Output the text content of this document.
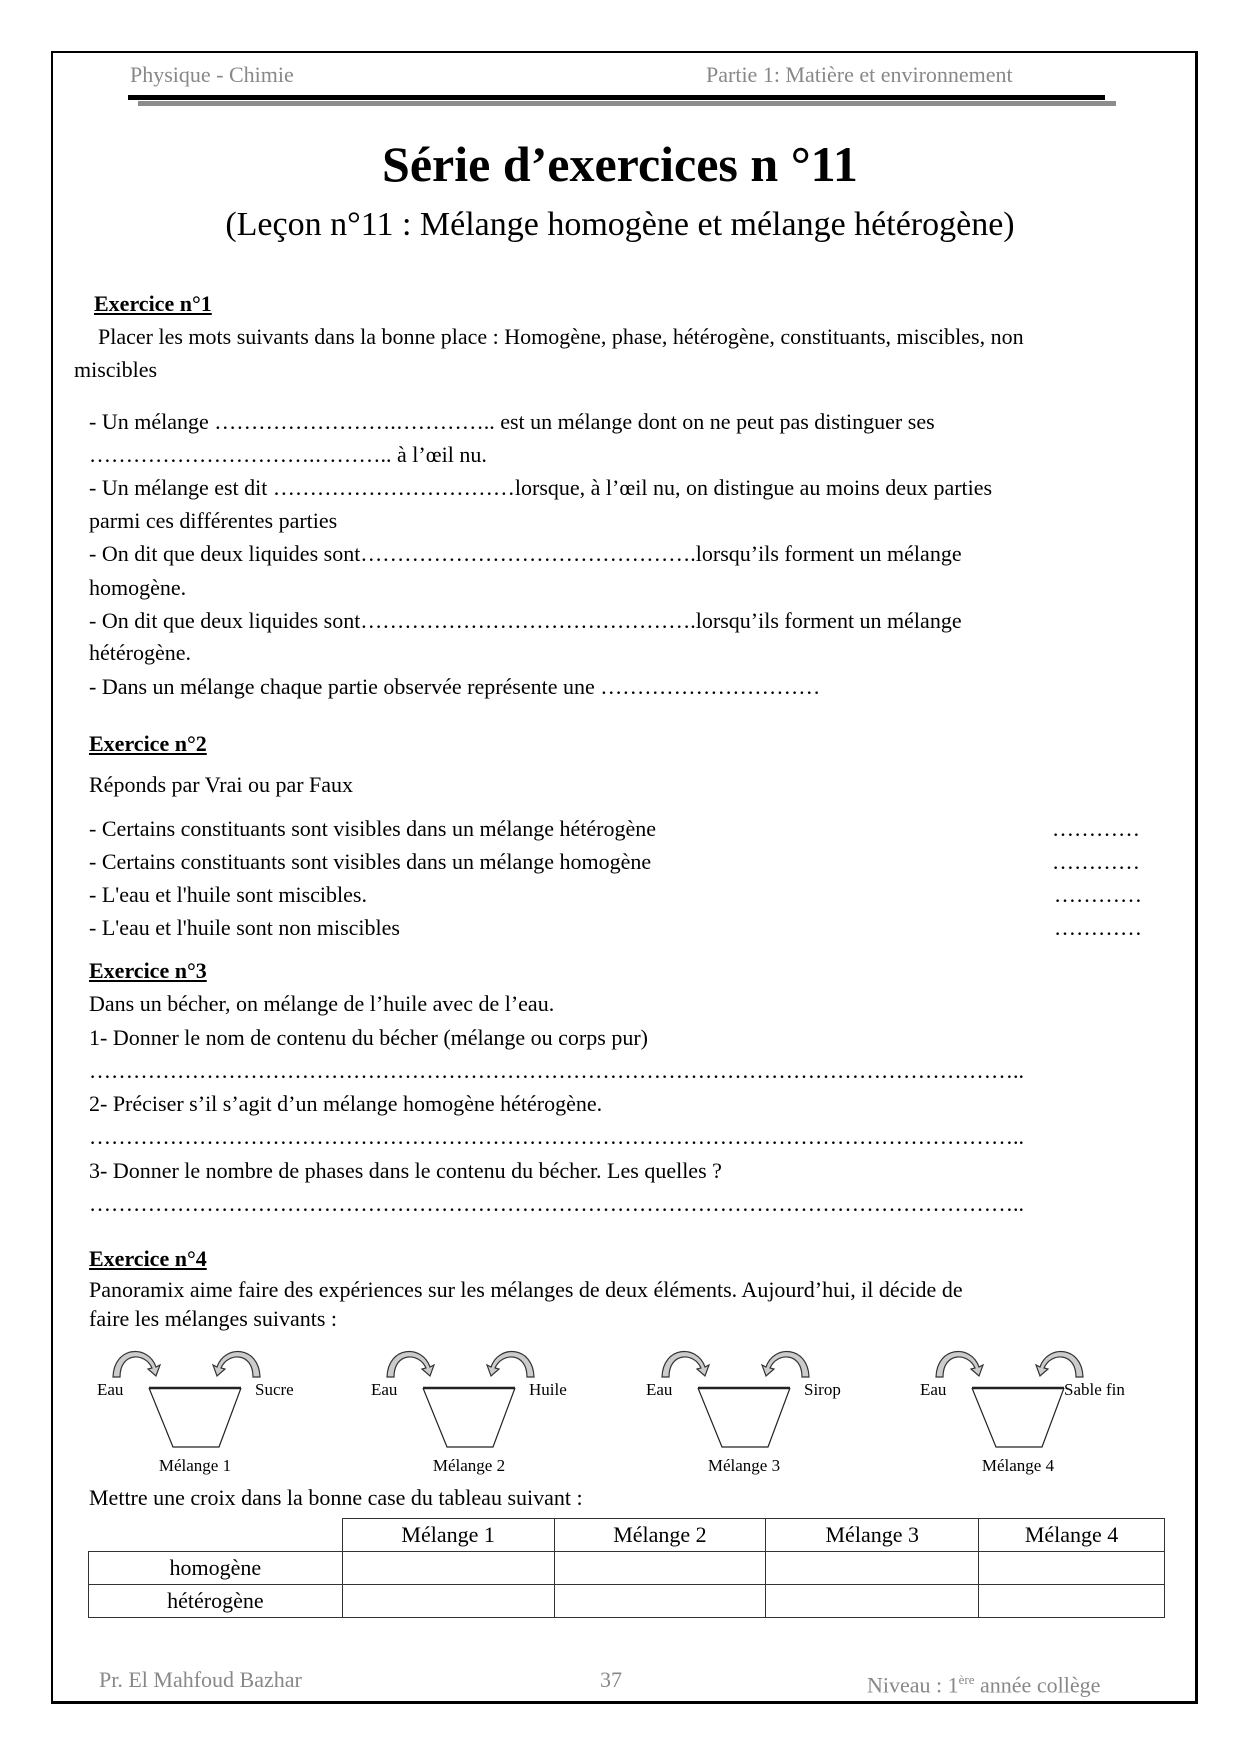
Physique - Chimie	Partie 1: Matière et environnement
Série d’exercices n °11
(Leçon n°11 : Mélange homogène et mélange hétérogène)
Exercice n°1
Placer les mots suivants dans la bonne place : Homogène, phase, hétérogène, constituants, miscibles, non
miscibles
- Un mélange …………………….………….. est un mélange dont on ne peut pas distinguer ses
………………………….……….. à l’œil nu.
- Un mélange est dit ……………………………lorsque, à l’œil nu, on distingue au moins deux parties
parmi ces différentes parties
- On dit que deux liquides sont……………………………………….lorsqu’ils forment un mélange
homogène.
- On dit que deux liquides sont……………………………………….lorsqu’ils forment un mélange
hétérogène.
- Dans un mélange chaque partie observée représente une …………………………
Exercice n°2
Réponds par Vrai ou par Faux
- Certains constituants sont visibles dans un mélange hétérogène	…………
- Certains constituants sont visibles dans un mélange homogène	…………
- L'eau et l'huile sont miscibles.	…………
- L'eau et l'huile sont non miscibles	…………
Exercice n°3
Dans un bécher, on mélange de l’huile avec de l’eau.
1- Donner le nom de contenu du bécher (mélange ou corps pur)
………………………………………………………………………………………………………………..
2- Préciser s’il s’agit d’un mélange homogène hétérogène.
………………………………………………………………………………………………………………..
3- Donner le nombre de phases dans le contenu du bécher. Les quelles ?
………………………………………………………………………………………………………………..
Exercice n°4
Panoramix aime faire des expériences sur les mélanges de deux éléments. Aujourd’hui, il décide de
faire les mélanges suivants :
Eau	Sucre
Mélange 1
Eau	Huile
Mélange 2
Eau	Sirop
Mélange 3
Eau	Sable fin
Mélange 4
Mettre une croix dans la bonne case du tableau suivant :
	Mélange 1	Mélange 2	Mélange 3	Mélange 4
homogène				
hétérogène				
Pr. El Mahfoud Bazhar	37	Niveau : 1ère année collège
